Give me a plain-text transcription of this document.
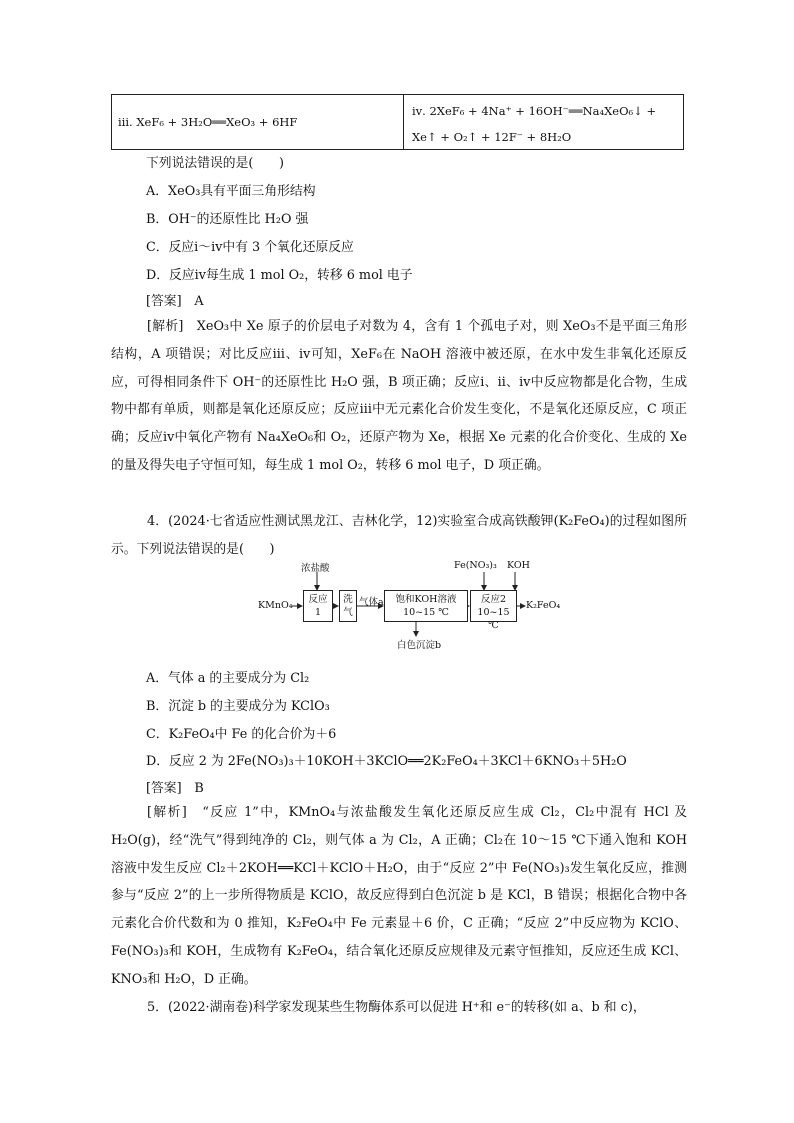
ⅲ. XeF₆ + 3H₂O══XeO₃ + 6HF
ⅳ. 2XeF₆ + 4Na⁺ + 16OH⁻══Na₄XeO₆↓ + Xe↑ + O₂↑ + 12F⁻ + 8H₂O
下列说法错误的是(　　)
A．XeO₃具有平面三角形结构
B．OH⁻的还原性比 H₂O 强
C．反应ⅰ～ⅳ中有 3 个氧化还原反应
D．反应ⅳ每生成 1 mol O₂，转移 6 mol 电子
[答案]　A
[解析]　XeO₃中 Xe 原子的价层电子对数为 4，含有 1 个孤电子对，则 XeO₃不是平面三角形结构，A 项错误；对比反应ⅲ、ⅳ可知，XeF₆在 NaOH 溶液中被还原，在水中发生非氧化还原反应，可得相同条件下 OH⁻的还原性比 H₂O 强，B 项正确；反应ⅰ、ⅱ、ⅳ中反应物都是化合物，生成物中都有单质，则都是氧化还原反应；反应ⅲ中无元素化合价发生变化，不是氧化还原反应，C 项正确；反应ⅳ中氧化产物有 Na₄XeO₆和 O₂，还原产物为 Xe，根据 Xe 元素的化合价变化、生成的 Xe 的量及得失电子守恒可知，每生成 1 mol O₂，转移 6 mol 电子，D 项正确。
4．(2024·七省适应性测试黑龙江、吉林化学，12)实验室合成高铁酸钾(K₂FeO₄)的过程如图所示。下列说法错误的是(　　)
KMnO₄
浓盐酸
反应
1
洗
气
气体a	饱和KOH溶液
10~15 ℃
白色沉淀b
Fe(NO₃)₃ KOH
反应2
10~15 ℃
K₂FeO₄
A．气体 a 的主要成分为 Cl₂
B．沉淀 b 的主要成分为 KClO₃
C．K₂FeO₄中 Fe 的化合价为＋6
D．反应 2 为 2Fe(NO₃)₃＋10KOH＋3KClO══2K₂FeO₄＋3KCl＋6KNO₃＋5H₂O
[答案]　B
[解析]　“反应 1”中，KMnO₄与浓盐酸发生氧化还原反应生成 Cl₂，Cl₂中混有 HCl 及 H₂O(g)，经“洗气”得到纯净的 Cl₂，则气体 a 为 Cl₂，A 正确；Cl₂在 10～15 ℃下通入饱和 KOH 溶液中发生反应 Cl₂＋2KOH══KCl＋KClO＋H₂O，由于“反应 2”中 Fe(NO₃)₃发生氧化反应，推测参与“反应 2”的上一步所得物质是 KClO，故反应得到白色沉淀 b 是 KCl，B 错误；根据化合物中各元素化合价代数和为 0 推知，K₂FeO₄中 Fe 元素显＋6 价，C 正确；“反应 2”中反应物为 KClO、Fe(NO₃)₃和 KOH，生成物有 K₂FeO₄，结合氧化还原反应规律及元素守恒推知，反应还生成 KCl、KNO₃和 H₂O，D 正确。
5．(2022·湖南卷)科学家发现某些生物酶体系可以促进 H⁺和 e⁻的转移(如 a、b 和 c)，
